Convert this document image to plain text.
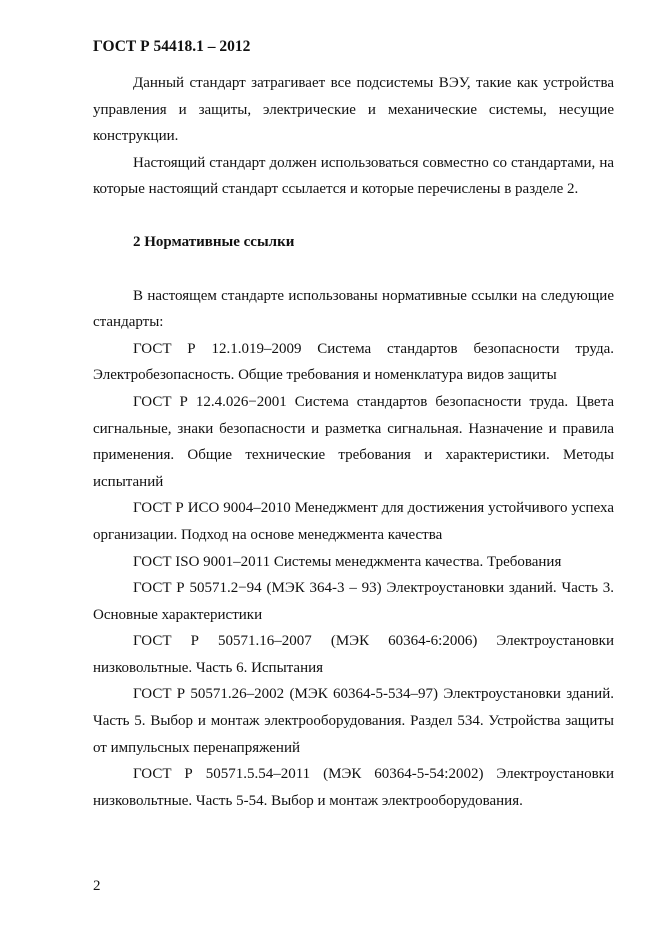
ГОСТ Р 54418.1 – 2012

Данный стандарт затрагивает все подсистемы ВЭУ, такие как устройства управления и защиты, электрические и механические системы, несущие конструкции.

Настоящий стандарт должен использоваться совместно со стандартами, на которые настоящий стандарт ссылается и которые перечислены в разделе 2.

2 Нормативные ссылки

В настоящем стандарте использованы нормативные ссылки на следующие стандарты:

ГОСТ Р 12.1.019–2009 Система стандартов безопасности труда. Электробезопасность. Общие требования и номенклатура видов защиты

ГОСТ Р 12.4.026−2001 Система стандартов безопасности труда. Цвета сигнальные, знаки безопасности и разметка сигнальная. Назначение и правила применения. Общие технические требования и характеристики. Методы испытаний

ГОСТ Р ИСО 9004–2010 Менеджмент для достижения устойчивого успеха организации. Подход на основе менеджмента качества

ГОСТ ISO 9001–2011 Системы менеджмента качества. Требования

ГОСТ Р 50571.2−94 (МЭК 364-3 – 93) Электроустановки зданий. Часть 3. Основные характеристики

ГОСТ Р 50571.16–2007 (МЭК 60364-6:2006) Электроустановки низковольтные. Часть 6. Испытания

ГОСТ Р 50571.26–2002 (МЭК 60364-5-534–97) Электроустановки зданий. Часть 5. Выбор и монтаж электрооборудования. Раздел 534. Устройства защиты от импульсных перенапряжений

ГОСТ Р 50571.5.54–2011 (МЭК 60364-5-54:2002) Электроустановки низковольтные. Часть 5-54. Выбор и монтаж электрооборудования.

2
